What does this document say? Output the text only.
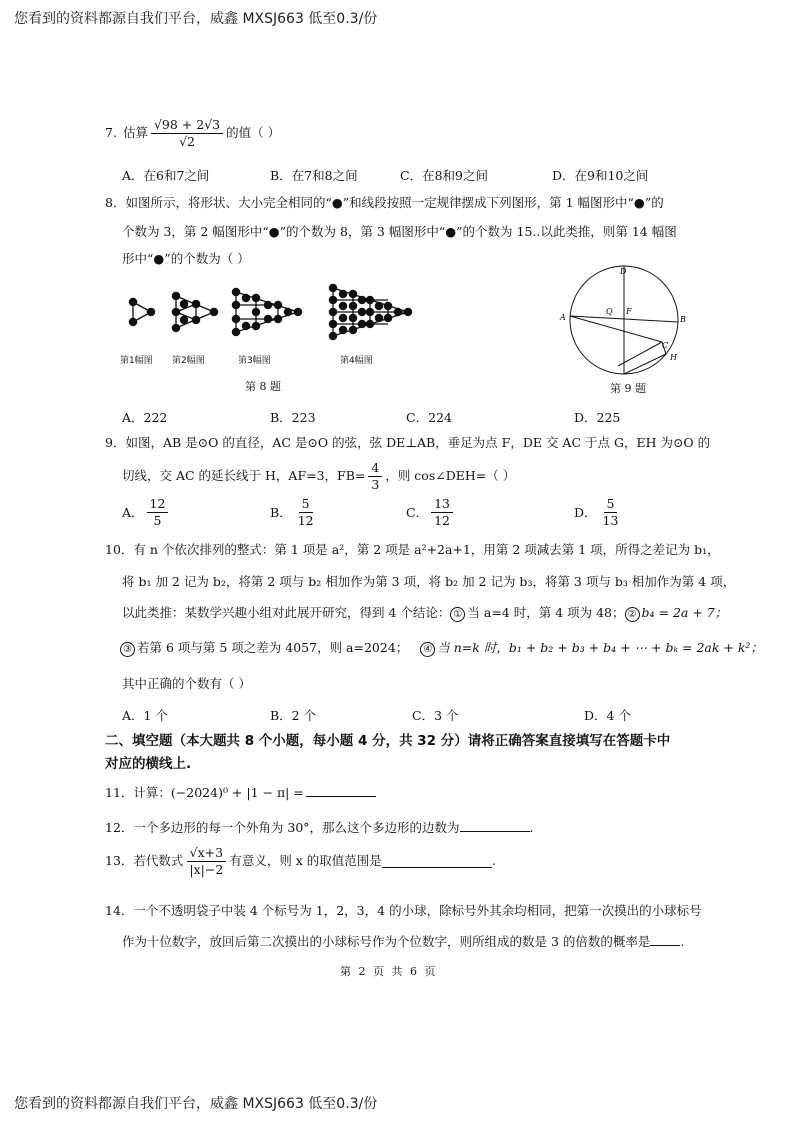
您看到的资料都源自我们平台，威鑫 MXSJ663 低至0.3/份
7. 估算 $\frac{√98 + 2√3}{√2}$ 的值（ ）
A．在6和7之间	B．在7和8之间	C．在8和9之间	D．在9和10之间
8．如图所示，将形状、大小完全相同的“●”和线段按照一定规律摆成下列图形，第 1 幅图形中“●”的
个数为 3，第 2 幅图形中“●”的个数为 8，第 3 幅图形中“●”的个数为 15..以此类推，则第 14 幅图
形中“●”的个数为（ ）
第1幅图 第2幅图	第3幅图	第4幅图
第 8 题
D
A
Q F
B
C
H
第 9 题
A．222	B．223	C．224	D．225
9．如图，AB 是⊙O 的直径，AC 是⊙O 的弦，弦 DE⊥AB，垂足为点 F，DE 交 AC 于点 G，EH 为⊙O 的
切线，交 AC 的延长线于 H，AF=3，$FB= \frac{4}{3}$ ，则 cos∠DEH=（ ）
A． $\frac{12}{5}$	B． $\frac{5}{12}$	C． $\frac{13}{12}$	D． $\frac{5}{13}$
10．有 n 个依次排列的整式：第 1 项是 a²，第 2 项是 a²+2a+1，用第 2 项减去第 1 项，所得之差记为 b₁，
将 b₁ 加 2 记为 b₂，将第 2 项与 b₂ 相加作为第 3 项，将 b₂ 加 2 记为 b₃，将第 3 项与 b₃ 相加作为第 4 项，
以此类推：某数学兴趣小组对此展开研究，得到 4 个结论： ① 当 a=4 时，第 4 项为 48； ② b₄ = 2a + 7；
③ 若第 6 项与第 5 项之差为 4057，则 a=2024； ④ 当 n=k 时，b₁ + b₂ + b₃ + b₄ + ⋯ + bₖ = 2ak + k²；
其中正确的个数有（ ）
A．1 个	B．2 个	C．3 个	D．4 个
二、填空题（本大题共 8 个小题，每小题 4 分，共 32 分）请将正确答案直接填写在答题卡中
对应的横线上.
11．计算：(−2024)⁰ + |1 − π| =
12．一个多边形的每一个外角为 30°，那么这个多边形的边数为	.
13．若代数式 $\frac{√x+3}{|x|-2}$ 有意义，则 x 的取值范围是	.
14．一个不透明袋子中装 4 个标号为 1，2，3，4 的小球，除标号外其余均相同，把第一次摸出的小球标号
作为十位数字，放回后第二次摸出的小球标号作为个位数字，则所组成的数是 3 的倍数的概率是 .
第 2 页 共 6 页
您看到的资料都源自我们平台，威鑫 MXSJ663 低至0.3/份
